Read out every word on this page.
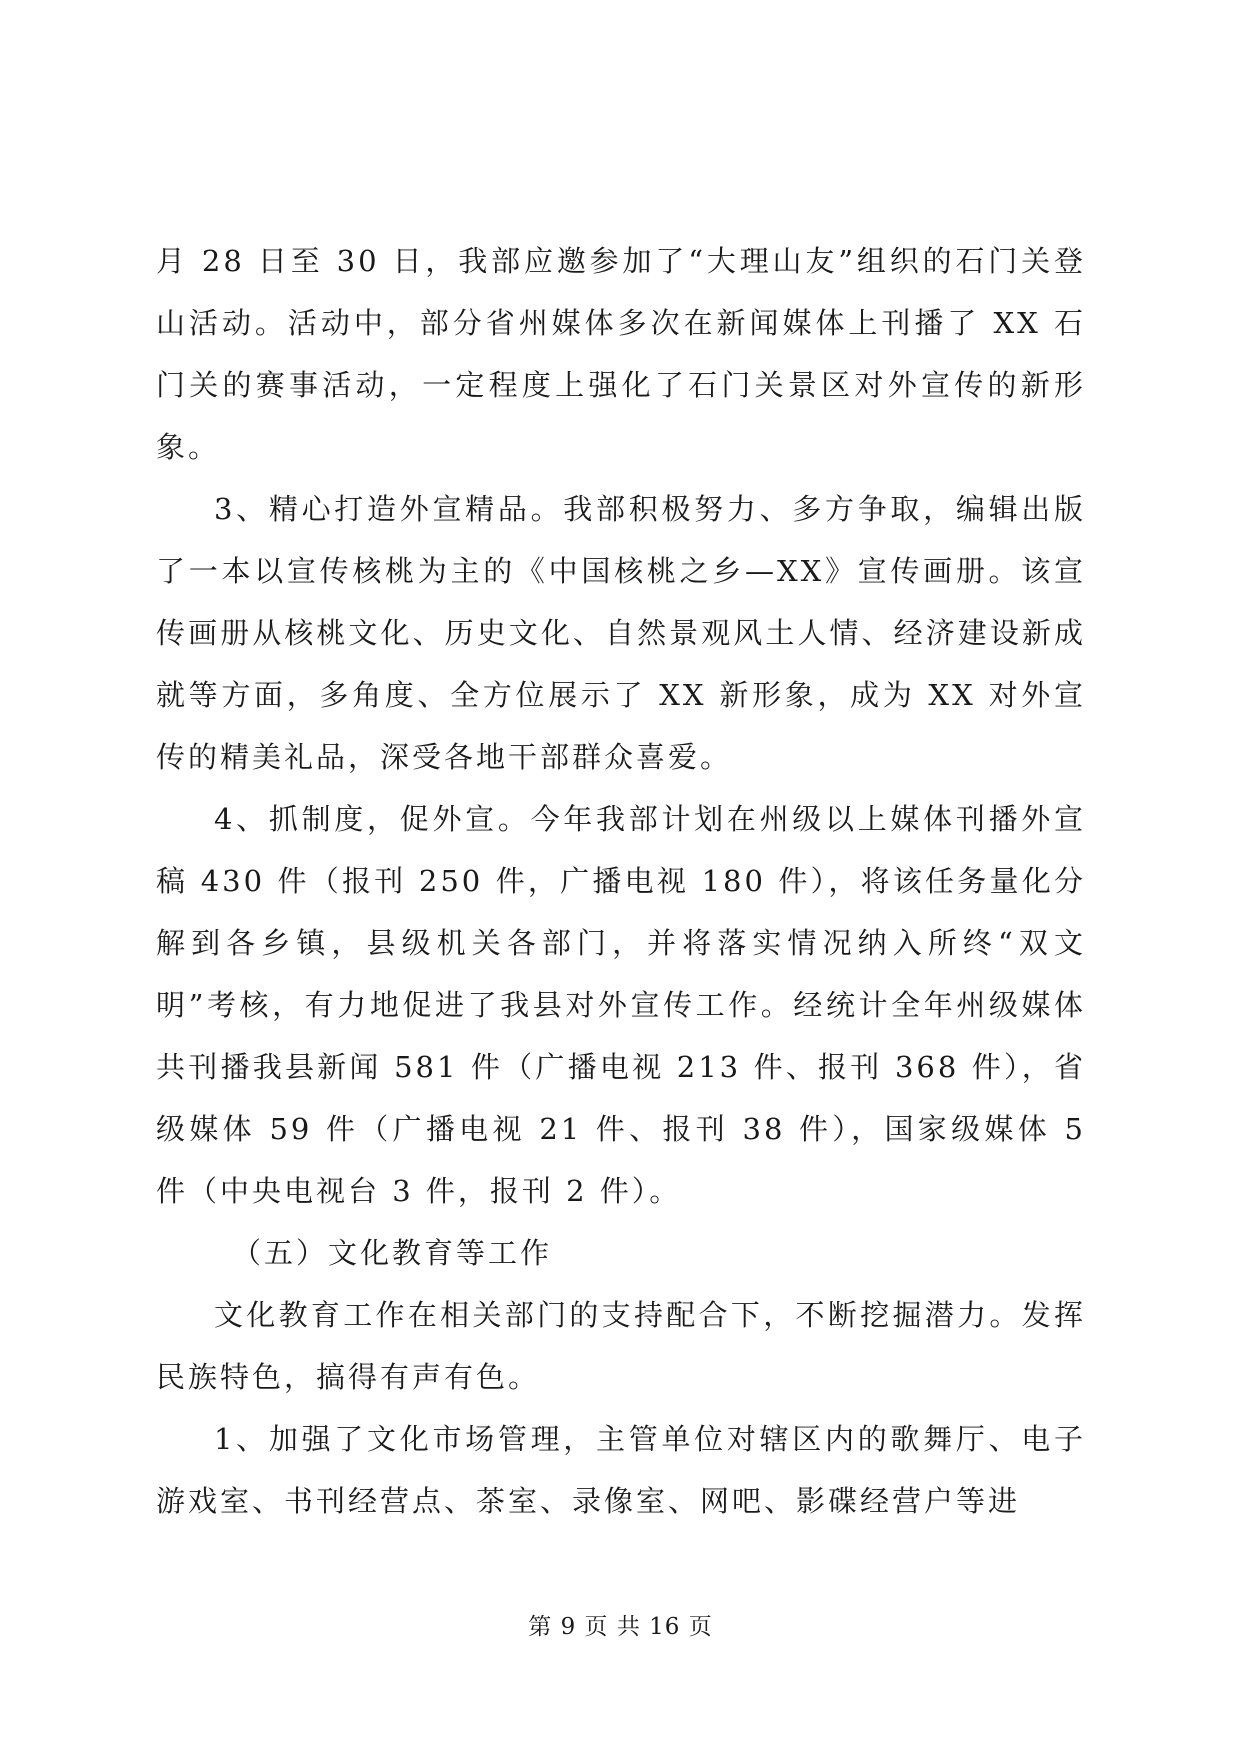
月 28 日至 30 日，我部应邀参加了“大理山友”组织的石门关登山活动。活动中，部分省州媒体多次在新闻媒体上刊播了 XX 石门关的赛事活动，一定程度上强化了石门关景区对外宣传的新形象。

3、精心打造外宣精品。我部积极努力、多方争取，编辑出版了一本以宣传核桃为主的《中国核桃之乡—XX》宣传画册。该宣传画册从核桃文化、历史文化、自然景观风土人情、经济建设新成就等方面，多角度、全方位展示了 XX 新形象，成为 XX 对外宣传的精美礼品，深受各地干部群众喜爱。

4、抓制度，促外宣。今年我部计划在州级以上媒体刊播外宣稿 430 件（报刊 250 件，广播电视 180 件），将该任务量化分解到各乡镇，县级机关各部门，并将落实情况纳入所终“双文明”考核，有力地促进了我县对外宣传工作。经统计全年州级媒体共刊播我县新闻 581 件（广播电视 213 件、报刊 368 件），省级媒体 59 件（广播电视 21 件、报刊 38 件），国家级媒体 5 件（中央电视台 3 件，报刊 2 件）。

（五）文化教育等工作

文化教育工作在相关部门的支持配合下，不断挖掘潜力。发挥民族特色，搞得有声有色。

1、加强了文化市场管理，主管单位对辖区内的歌舞厅、电子游戏室、书刊经营点、茶室、录像室、网吧、影碟经营户等进

第 9 页 共 16 页
